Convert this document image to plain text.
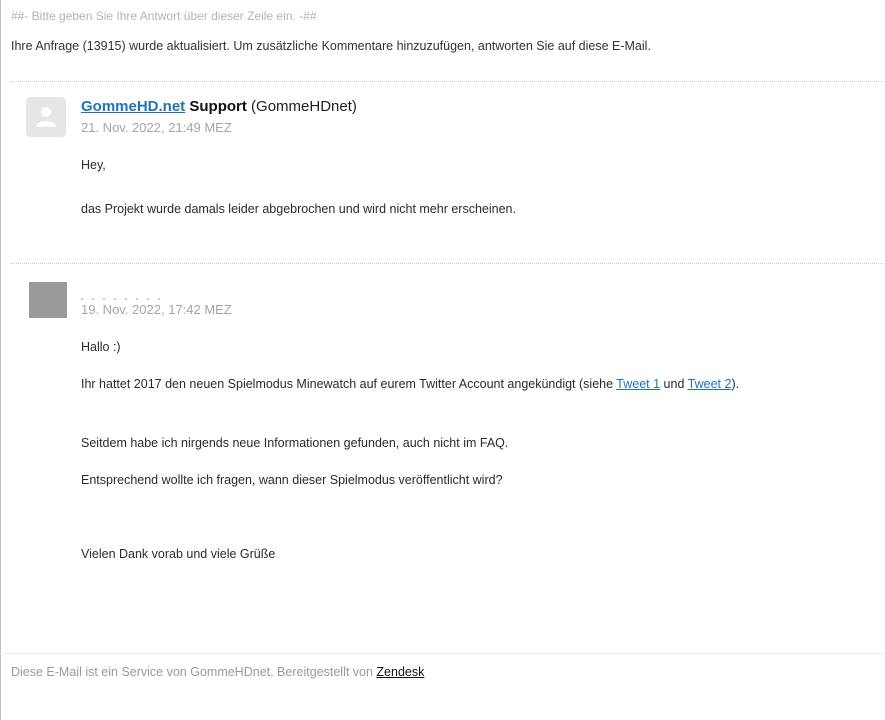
##- Bitte geben Sie Ihre Antwort über dieser Zeile ein. -##
Ihre Anfrage (13915) wurde aktualisiert. Um zusätzliche Kommentare hinzuzufügen, antworten Sie auf diese E-Mail.
GommeHD.net Support (GommeHDnet)
21. Nov. 2022, 21:49 MEZ
Hey,
das Projekt wurde damals leider abgebrochen und wird nicht mehr erscheinen.
19. Nov. 2022, 17:42 MEZ
Hallo :)
Ihr hattet 2017 den neuen Spielmodus Minewatch auf eurem Twitter Account angekündigt (siehe Tweet 1 und Tweet 2).
Seitdem habe ich nirgends neue Informationen gefunden, auch nicht im FAQ.
Entsprechend wollte ich fragen, wann dieser Spielmodus veröffentlicht wird?
Vielen Dank vorab und viele Grüße
Diese E-Mail ist ein Service von GommeHDnet. Bereitgestellt von Zendesk
